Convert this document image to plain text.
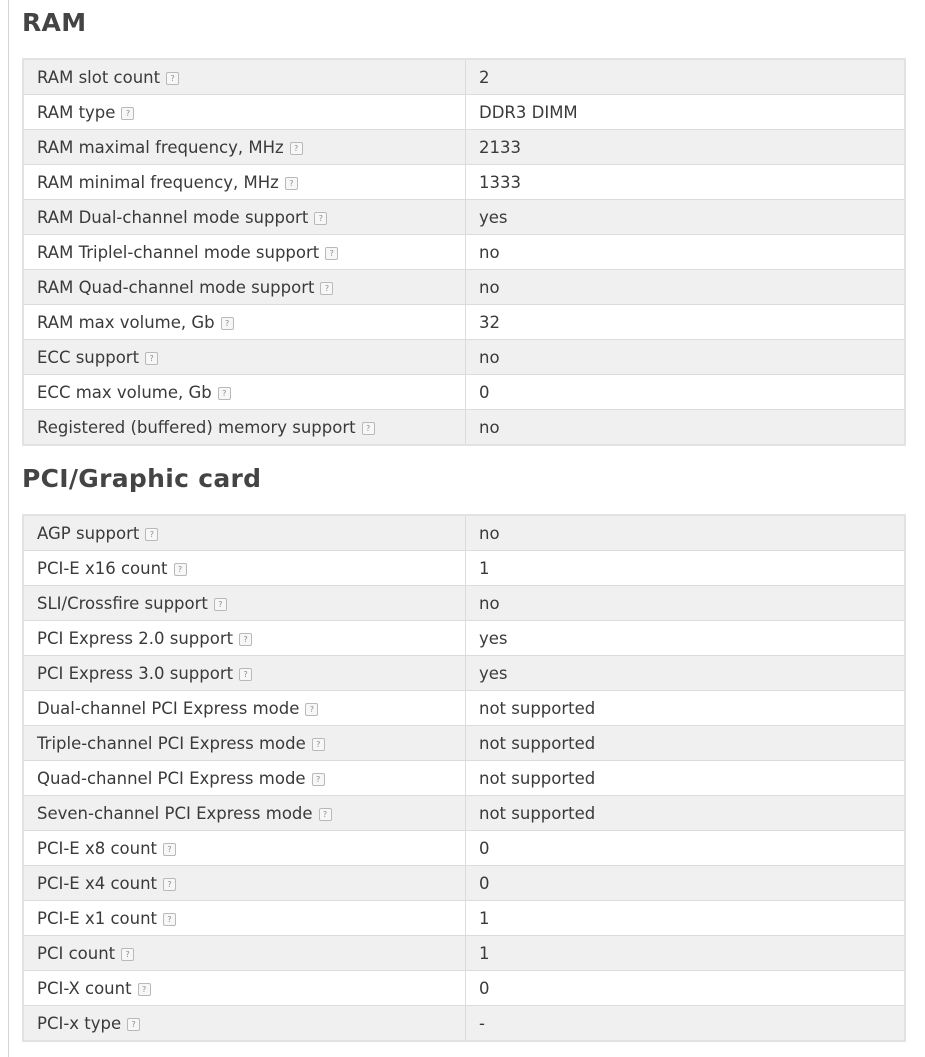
RAM
RAM slot count ?	2
RAM type ?	DDR3 DIMM
RAM maximal frequency, MHz ?	2133
RAM minimal frequency, MHz ?	1333
RAM Dual-channel mode support ?	yes
RAM Triplel-channel mode support ?	no
RAM Quad-channel mode support ?	no
RAM max volume, Gb ?	32
ECC support ?	no
ECC max volume, Gb ?	0
Registered (buffered) memory support ?	no
PCI/Graphic card
AGP support ?	no
PCI-E x16 count ?	1
SLI/Crossfire support ?	no
PCI Express 2.0 support ?	yes
PCI Express 3.0 support ?	yes
Dual-channel PCI Express mode ?	not supported
Triple-channel PCI Express mode ?	not supported
Quad-channel PCI Express mode ?	not supported
Seven-channel PCI Express mode ?	not supported
PCI-E x8 count ?	0
PCI-E x4 count ?	0
PCI-E x1 count ?	1
PCI count ?	1
PCI-X count ?	0
PCI-x type ?	-
